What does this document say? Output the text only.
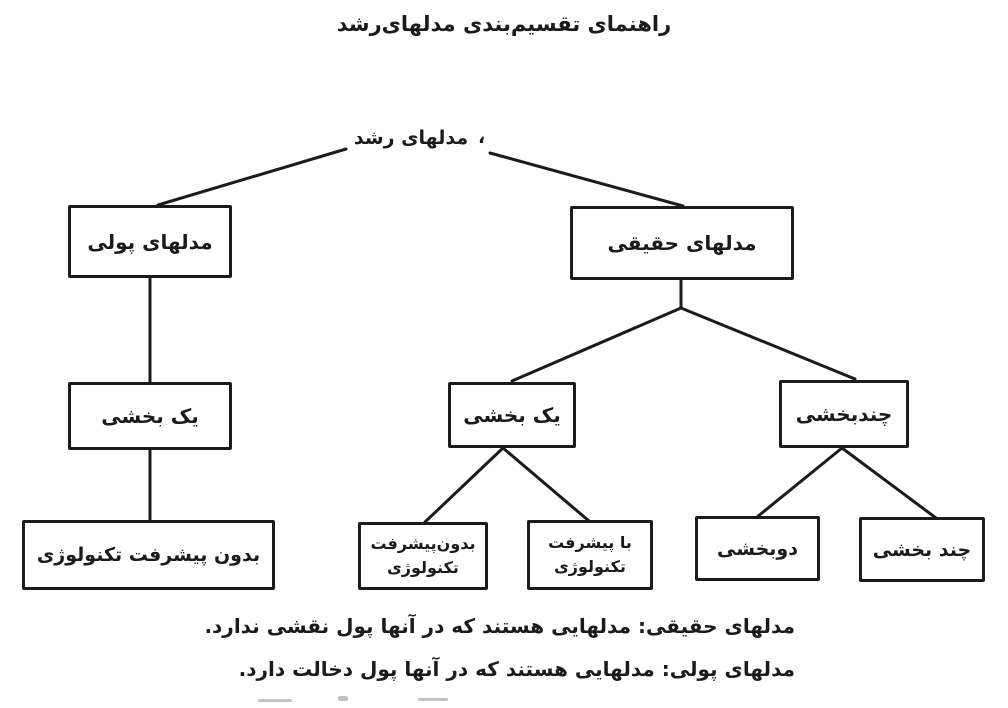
راهنمای تقسیم‌بندی مدلهای‌رشد
مدلهای رشد ،
مدلهای پولی	مدلهای حقیقی
یک بخشی	یک بخشی	چندبخشی
بدون پیشرفت تکنولوژی
بدون‌پیشرفت
تکنولوژی
با پیشرفت
تکنولوژی
دوبخشی	چند بخشی
مدلهای حقیقی: مدلهایی هستند که در آنها پول نقشی ندارد.
مدلهای پولی: مدلهایی هستند که در آنها پول دخالت دارد.
